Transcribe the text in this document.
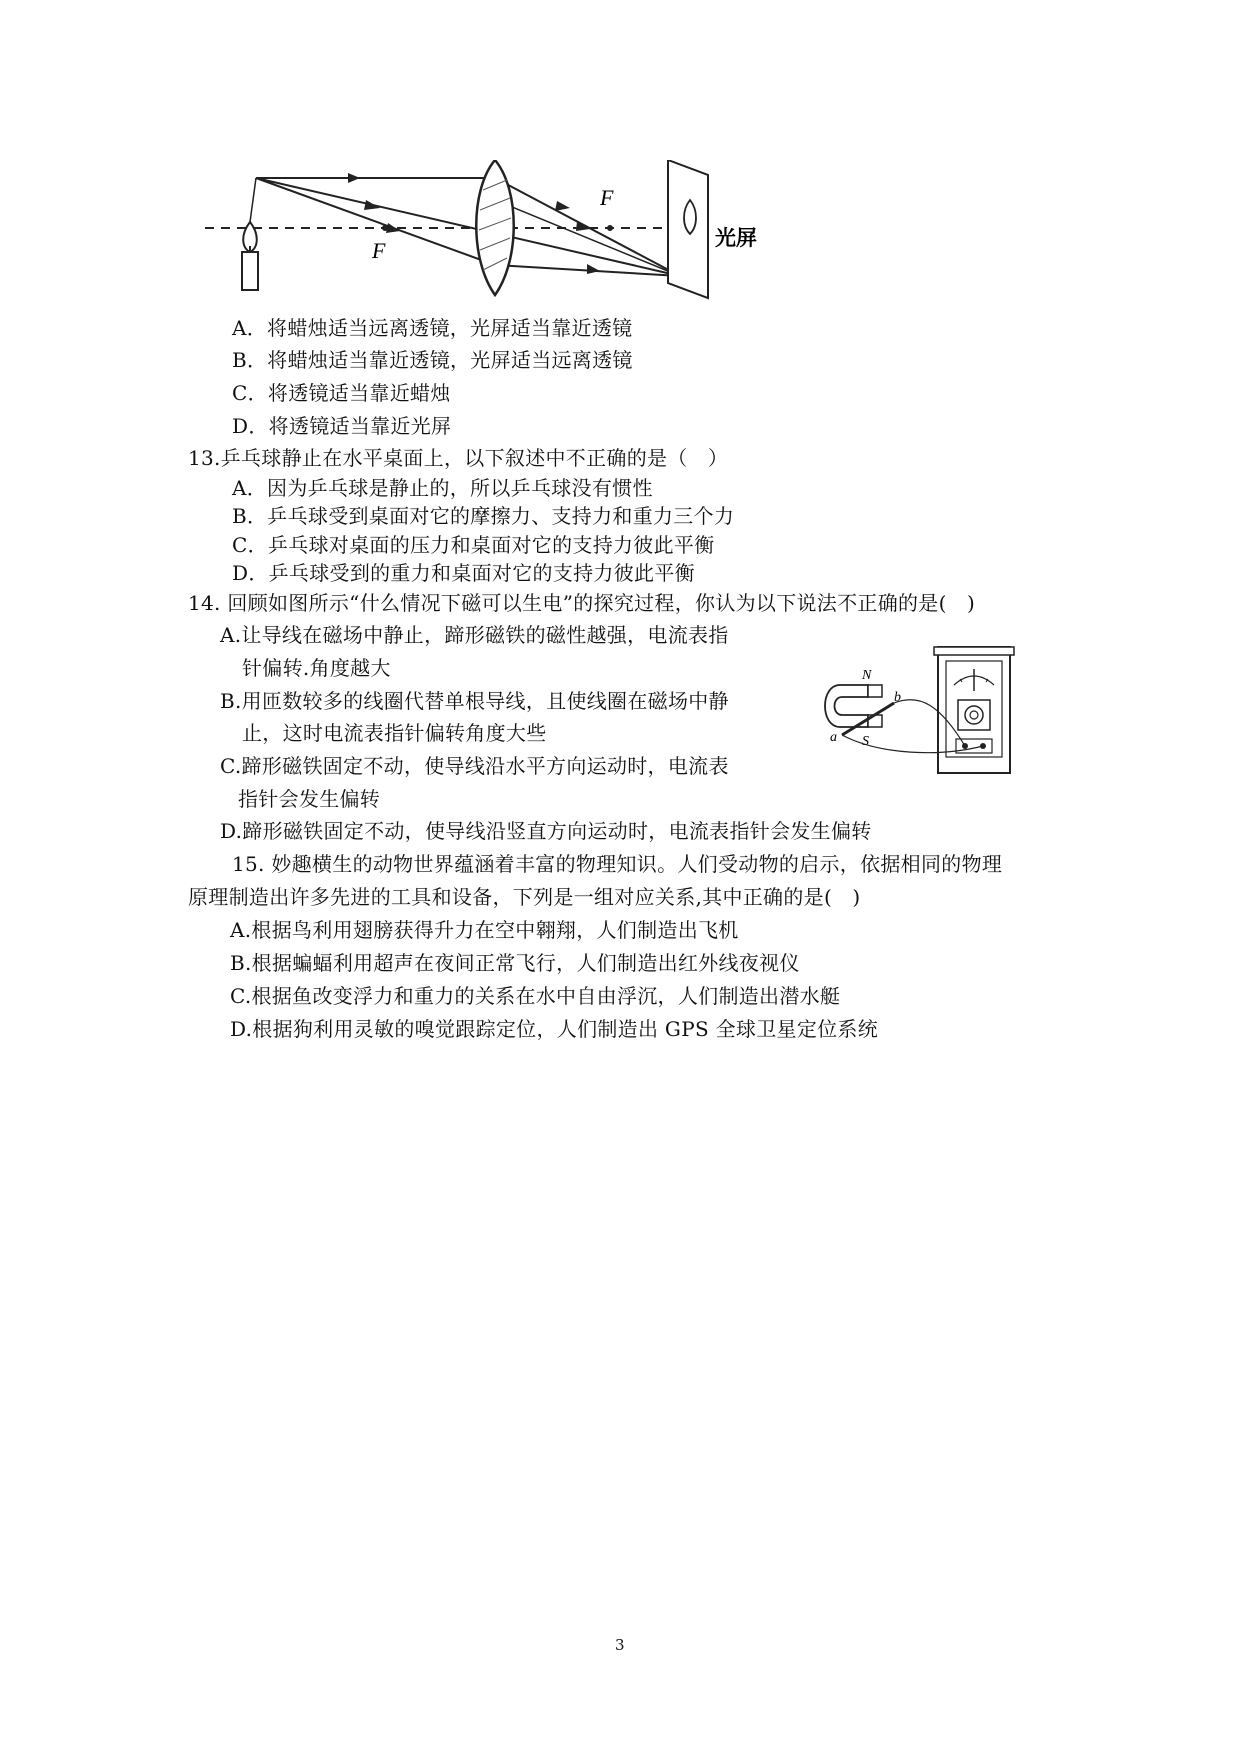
F
F
光屏
A．将蜡烛适当远离透镜，光屏适当靠近透镜
B．将蜡烛适当靠近透镜，光屏适当远离透镜
C．将透镜适当靠近蜡烛
D．将透镜适当靠近光屏
13.乒乓球静止在水平桌面上，以下叙述中不正确的是（　）
A．因为乒乓球是静止的，所以乒乓球没有惯性
B．乒乓球受到桌面对它的摩擦力、支持力和重力三个力
C．乒乓球对桌面的压力和桌面对它的支持力彼此平衡
D．乒乓球受到的重力和桌面对它的支持力彼此平衡
14. 回顾如图所示“什么情况下磁可以生电”的探究过程，你认为以下说法不正确的是(　)
A.让导线在磁场中静止，蹄形磁铁的磁性越强，电流表指
针偏转.角度越大
B.用匝数较多的线圈代替单根导线，且使线圈在磁场中静
止，这时电流表指针偏转角度大些
C.蹄形磁铁固定不动，使导线沿水平方向运动时，电流表
指针会发生偏转
D.蹄形磁铁固定不动，使导线沿竖直方向运动时，电流表指针会发生偏转
N
S
a
b
15. 妙趣横生的动物世界蕴涵着丰富的物理知识。人们受动物的启示，依据相同的物理
原理制造出许多先进的工具和设备，下列是一组对应关系,其中正确的是(　)
A.根据鸟利用翅膀获得升力在空中翱翔，人们制造出飞机
B.根据蝙蝠利用超声在夜间正常飞行，人们制造出红外线夜视仪
C.根据鱼改变浮力和重力的关系在水中自由浮沉，人们制造出潜水艇
D.根据狗利用灵敏的嗅觉跟踪定位，人们制造出 GPS 全球卫星定位系统
3
